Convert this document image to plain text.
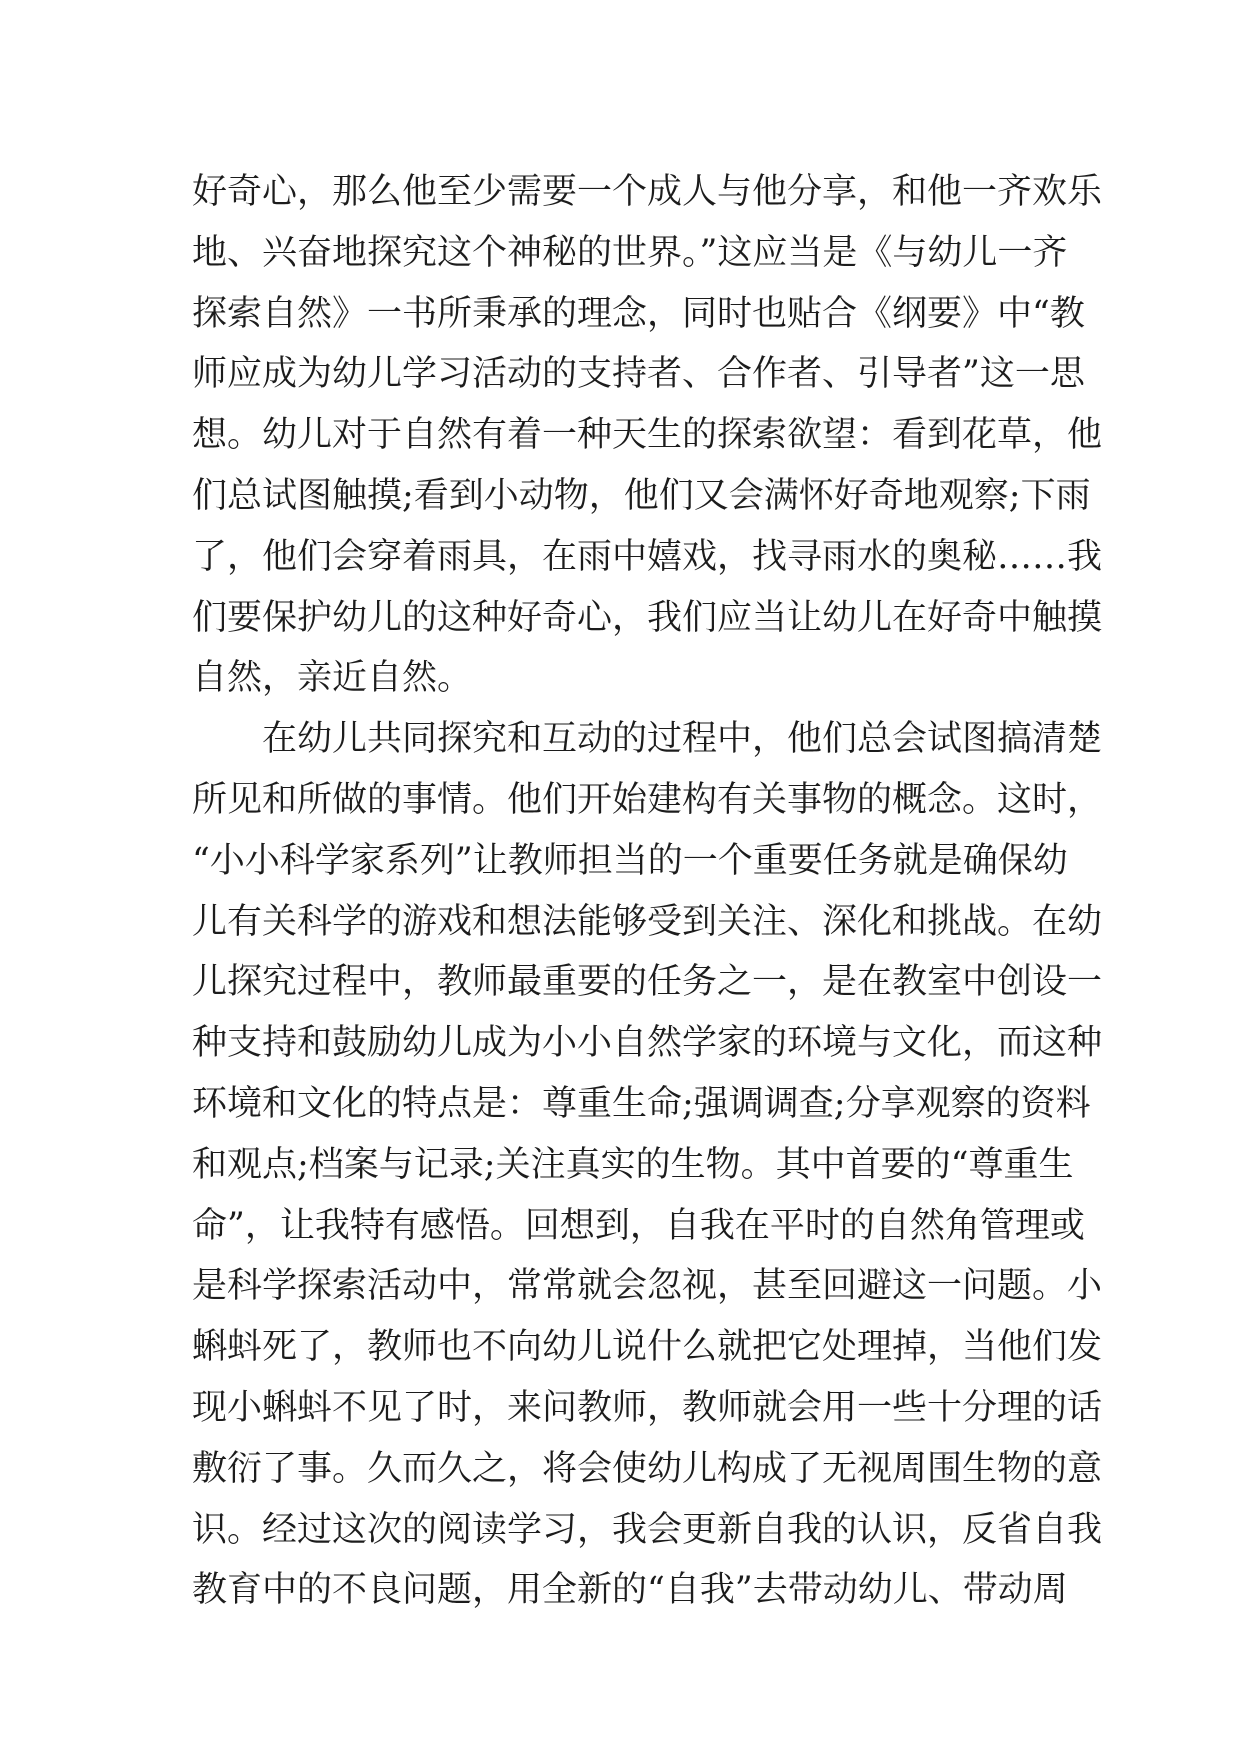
好奇心，那么他至少需要一个成人与他分享，和他一齐欢乐
地、兴奋地探究这个神秘的世界。”这应当是《与幼儿一齐
探索自然》一书所秉承的理念，同时也贴合《纲要》中“教
师应成为幼儿学习活动的支持者、合作者、引导者”这一思
想。幼儿对于自然有着一种天生的探索欲望：看到花草，他
们总试图触摸;看到小动物，他们又会满怀好奇地观察;下雨
了，他们会穿着雨具，在雨中嬉戏，找寻雨水的奥秘……我
们要保护幼儿的这种好奇心，我们应当让幼儿在好奇中触摸
自然，亲近自然。
在幼儿共同探究和互动的过程中，他们总会试图搞清楚
所见和所做的事情。他们开始建构有关事物的概念。这时，
“小小科学家系列”让教师担当的一个重要任务就是确保幼
儿有关科学的游戏和想法能够受到关注、深化和挑战。在幼
儿探究过程中，教师最重要的任务之一，是在教室中创设一
种支持和鼓励幼儿成为小小自然学家的环境与文化，而这种
环境和文化的特点是：尊重生命;强调调查;分享观察的资料
和观点;档案与记录;关注真实的生物。其中首要的“尊重生
命”，让我特有感悟。回想到，自我在平时的自然角管理或
是科学探索活动中，常常就会忽视，甚至回避这一问题。小
蝌蚪死了，教师也不向幼儿说什么就把它处理掉，当他们发
现小蝌蚪不见了时，来问教师，教师就会用一些十分理的话
敷衍了事。久而久之，将会使幼儿构成了无视周围生物的意
识。经过这次的阅读学习，我会更新自我的认识，反省自我
教育中的不良问题，用全新的“自我”去带动幼儿、带动周
